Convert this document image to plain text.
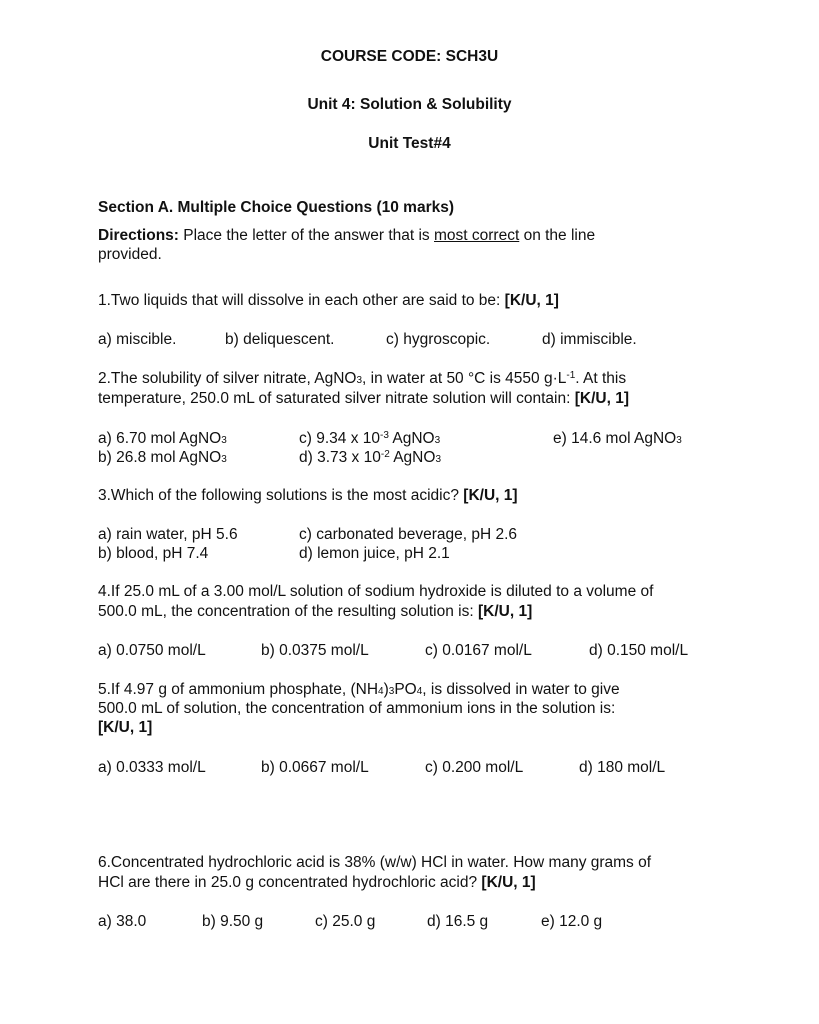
COURSE CODE: SCH3U
Unit 4: Solution & Solubility
Unit Test#4
Section A. Multiple Choice Questions (10 marks)
Directions: Place the letter of the answer that is most correct on the line
provided.
1.Two liquids that will dissolve in each other are said to be: [K/U, 1]
a) miscible.	b) deliquescent.	c) hygroscopic.	d) immiscible.
2.The solubility of silver nitrate, AgNO3, in water at 50 °C is 4550 $g\cdot L^{-1}$. At this
temperature, 250.0 mL of saturated silver nitrate solution will contain: [K/U, 1]
a) 6.70 mol AgNO3
b) 26.8 mol AgNO3
c) 9.34 x $10^{-3}$ AgNO3
d) 3.73 x $10^{-2}$ AgNO3
e) 14.6 mol AgNO3
3.Which of the following solutions is the most acidic? [K/U, 1]
a) rain water, pH 5.6
b) blood, pH 7.4
c) carbonated beverage, pH 2.6
d) lemon juice, pH 2.1
4.If 25.0 mL of a 3.00 mol/L solution of sodium hydroxide is diluted to a volume of
500.0 mL, the concentration of the resulting solution is: [K/U, 1]
a) 0.0750 mol/L	b) 0.0375 mol/L	c) 0.0167 mol/L	d) 0.150 mol/L
5.If 4.97 g of ammonium phosphate, (NH4)3PO4, is dissolved in water to give
500.0 mL of solution, the concentration of ammonium ions in the solution is:
[K/U, 1]
a) 0.0333 mol/L	b) 0.0667 mol/L	c) 0.200 mol/L	d) 180 mol/L
6.Concentrated hydrochloric acid is 38% (w/w) HCl in water. How many grams of
HCl are there in 25.0 g concentrated hydrochloric acid? [K/U, 1]
a) 38.0	b) 9.50 g	c) 25.0 g	d) 16.5 g	e) 12.0 g
